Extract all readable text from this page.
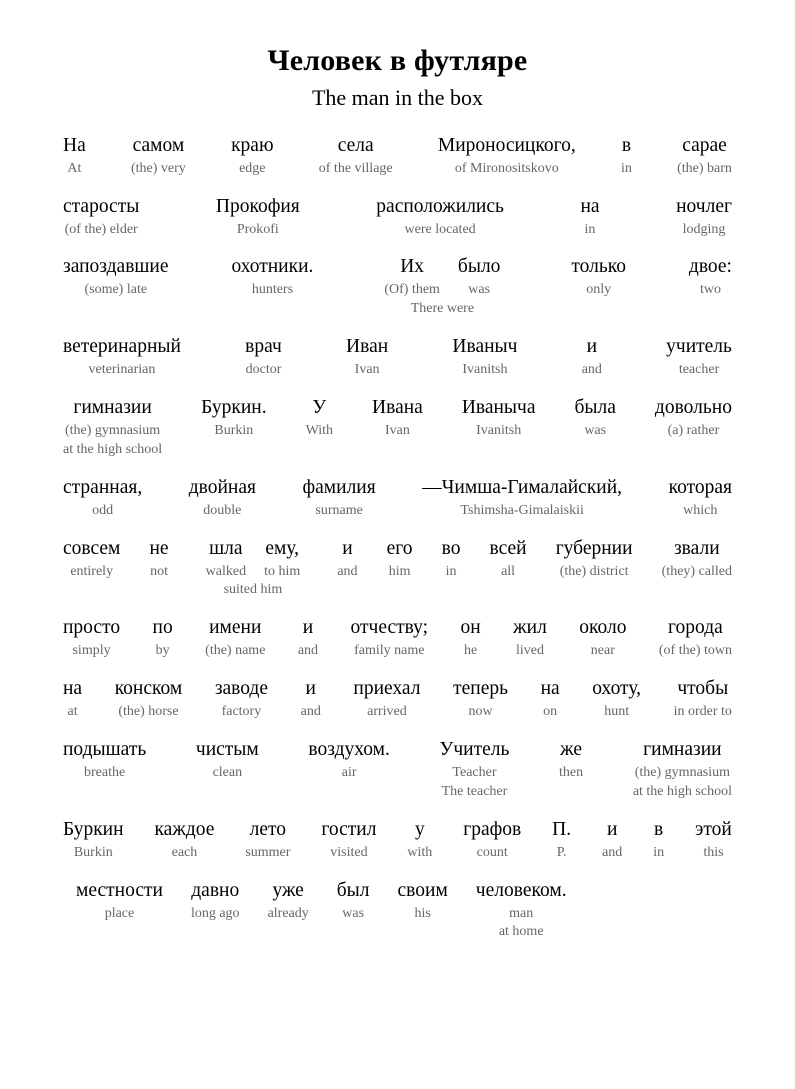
Человек в футляре
The man in the box
На
At
самом
(the) very
краю
edge
села
of the village
Мироносицкого,
of Mironositskovo
в
in
сарае
(the) barn
старосты
(of the) elder
Прокофия
Prokofi
расположились
were located
на
in
ночлег
lodging
запоздавшие
(some) late
охотники.
hunters
Их
(Of) them
было
was
There were
только
only
двое:
two
ветеринарный
veterinarian
врач
doctor
Иван
Ivan
Иваныч
Ivanitsh
и
and
учитель
teacher
гимназии
(the) gymnasium
at the high school
Буркин.
Burkin
У
With
Ивана
Ivan
Иваныча
Ivanitsh
была
was
довольно
(a) rather
странная,
odd
двойная
double
фамилия
surname
—Чимша-Гималайский,
Tshimsha-Gimalaiskii
которая
which
совсем
entirely
не
not
шла
walked
ему,
to him
suited him
и
and
его
him
во
in
всей
all
губернии
(the) district
звали
(they) called
просто
simply
по
by
имени
(the) name
и
and
отчеству;
family name
он
he
жил
lived
около
near
города
(of the) town
на
at
конском
(the) horse
заводе
factory
и
and
приехал
arrived
теперь
now
на
on
охоту,
hunt
чтобы
in order to
подышать
breathe
чистым
clean
воздухом.
air
Учитель
Teacher
The teacher
же
then
гимназии
(the) gymnasium
at the high school
Буркин
Burkin
каждое
each
лето
summer
гостил
visited
у
with
графов
count
П.
P.
и
and
в
in
этой
this
местности
place
давно
long ago
уже
already
был
was
своим
his
человеком.
man
at home
